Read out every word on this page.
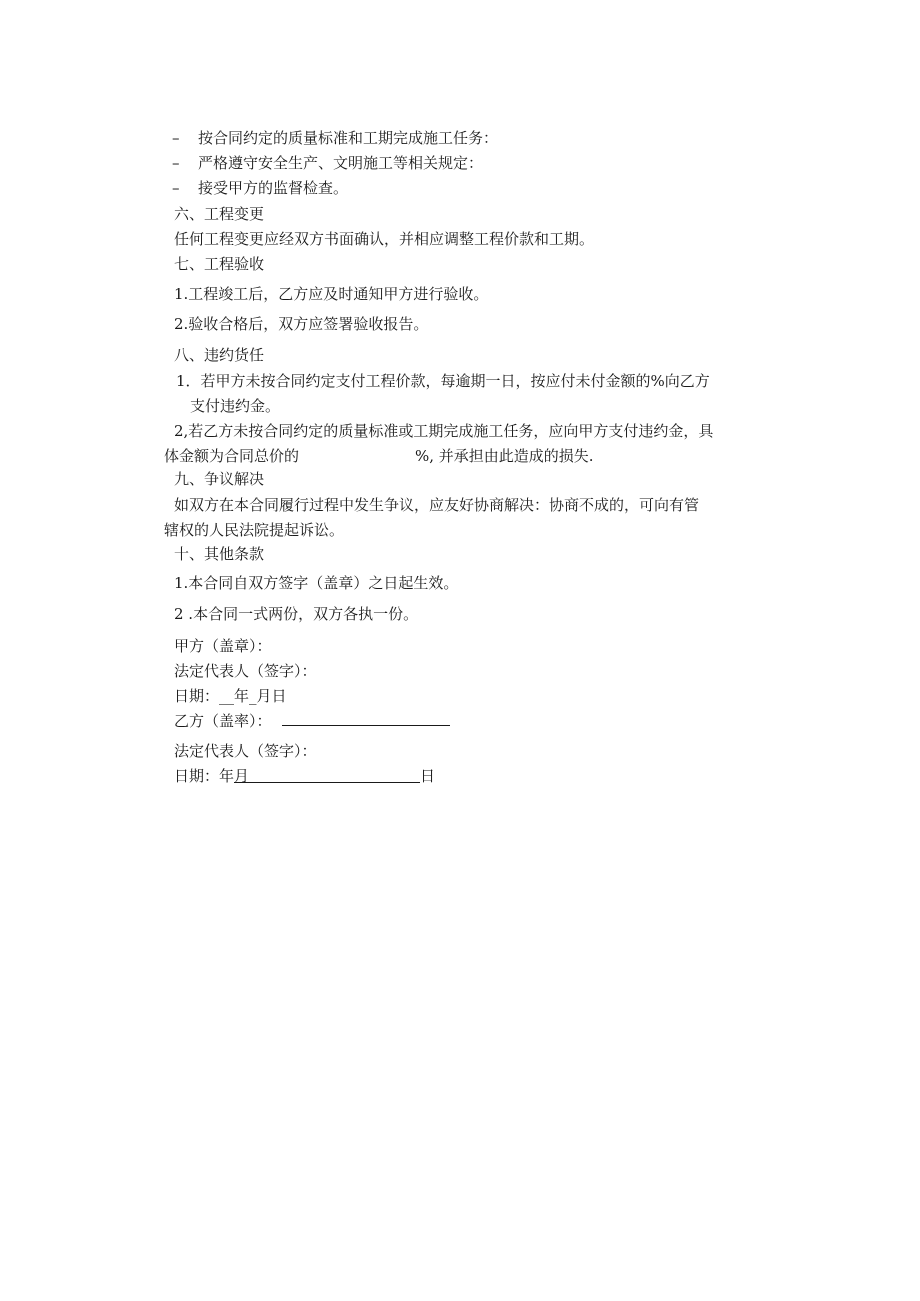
– 按合同约定的质量标准和工期完成施工任务：
– 严格遵守安全生产、文明施工等相关规定：
– 接受甲方的监督检查。
六、工程变更
任何工程变更应经双方书面确认，并相应调整工程价款和工期。
七、工程验收
1.工程竣工后，乙方应及时通知甲方进行验收。
2.验收合格后，双方应签署验收报告。
八、违约货任
1．若甲方未按合同约定支付工程价款，每逾期一日，按应付未付金额的%向乙方
支付违约金。
2,若乙方未按合同约定的质量标准或工期完成施工任务，应向甲方支付违约金，具
体金额为合同总价的	%, 并承担由此造成的损失.
九、争议解决
如双方在本合同履行过程中发生争议，应友好协商解决：协商不成的，可向有管
辖权的人民法院提起诉讼。
十、其他条款
1.本合同自双方签字（盖章）之日起生效。
2 .本合同一式两份，双方各执一份。
甲方（盖章）：
法定代表人（签字）：
日期：__年_月日
乙方（盖率）：
法定代表人（签字）：
日期：年月	日
